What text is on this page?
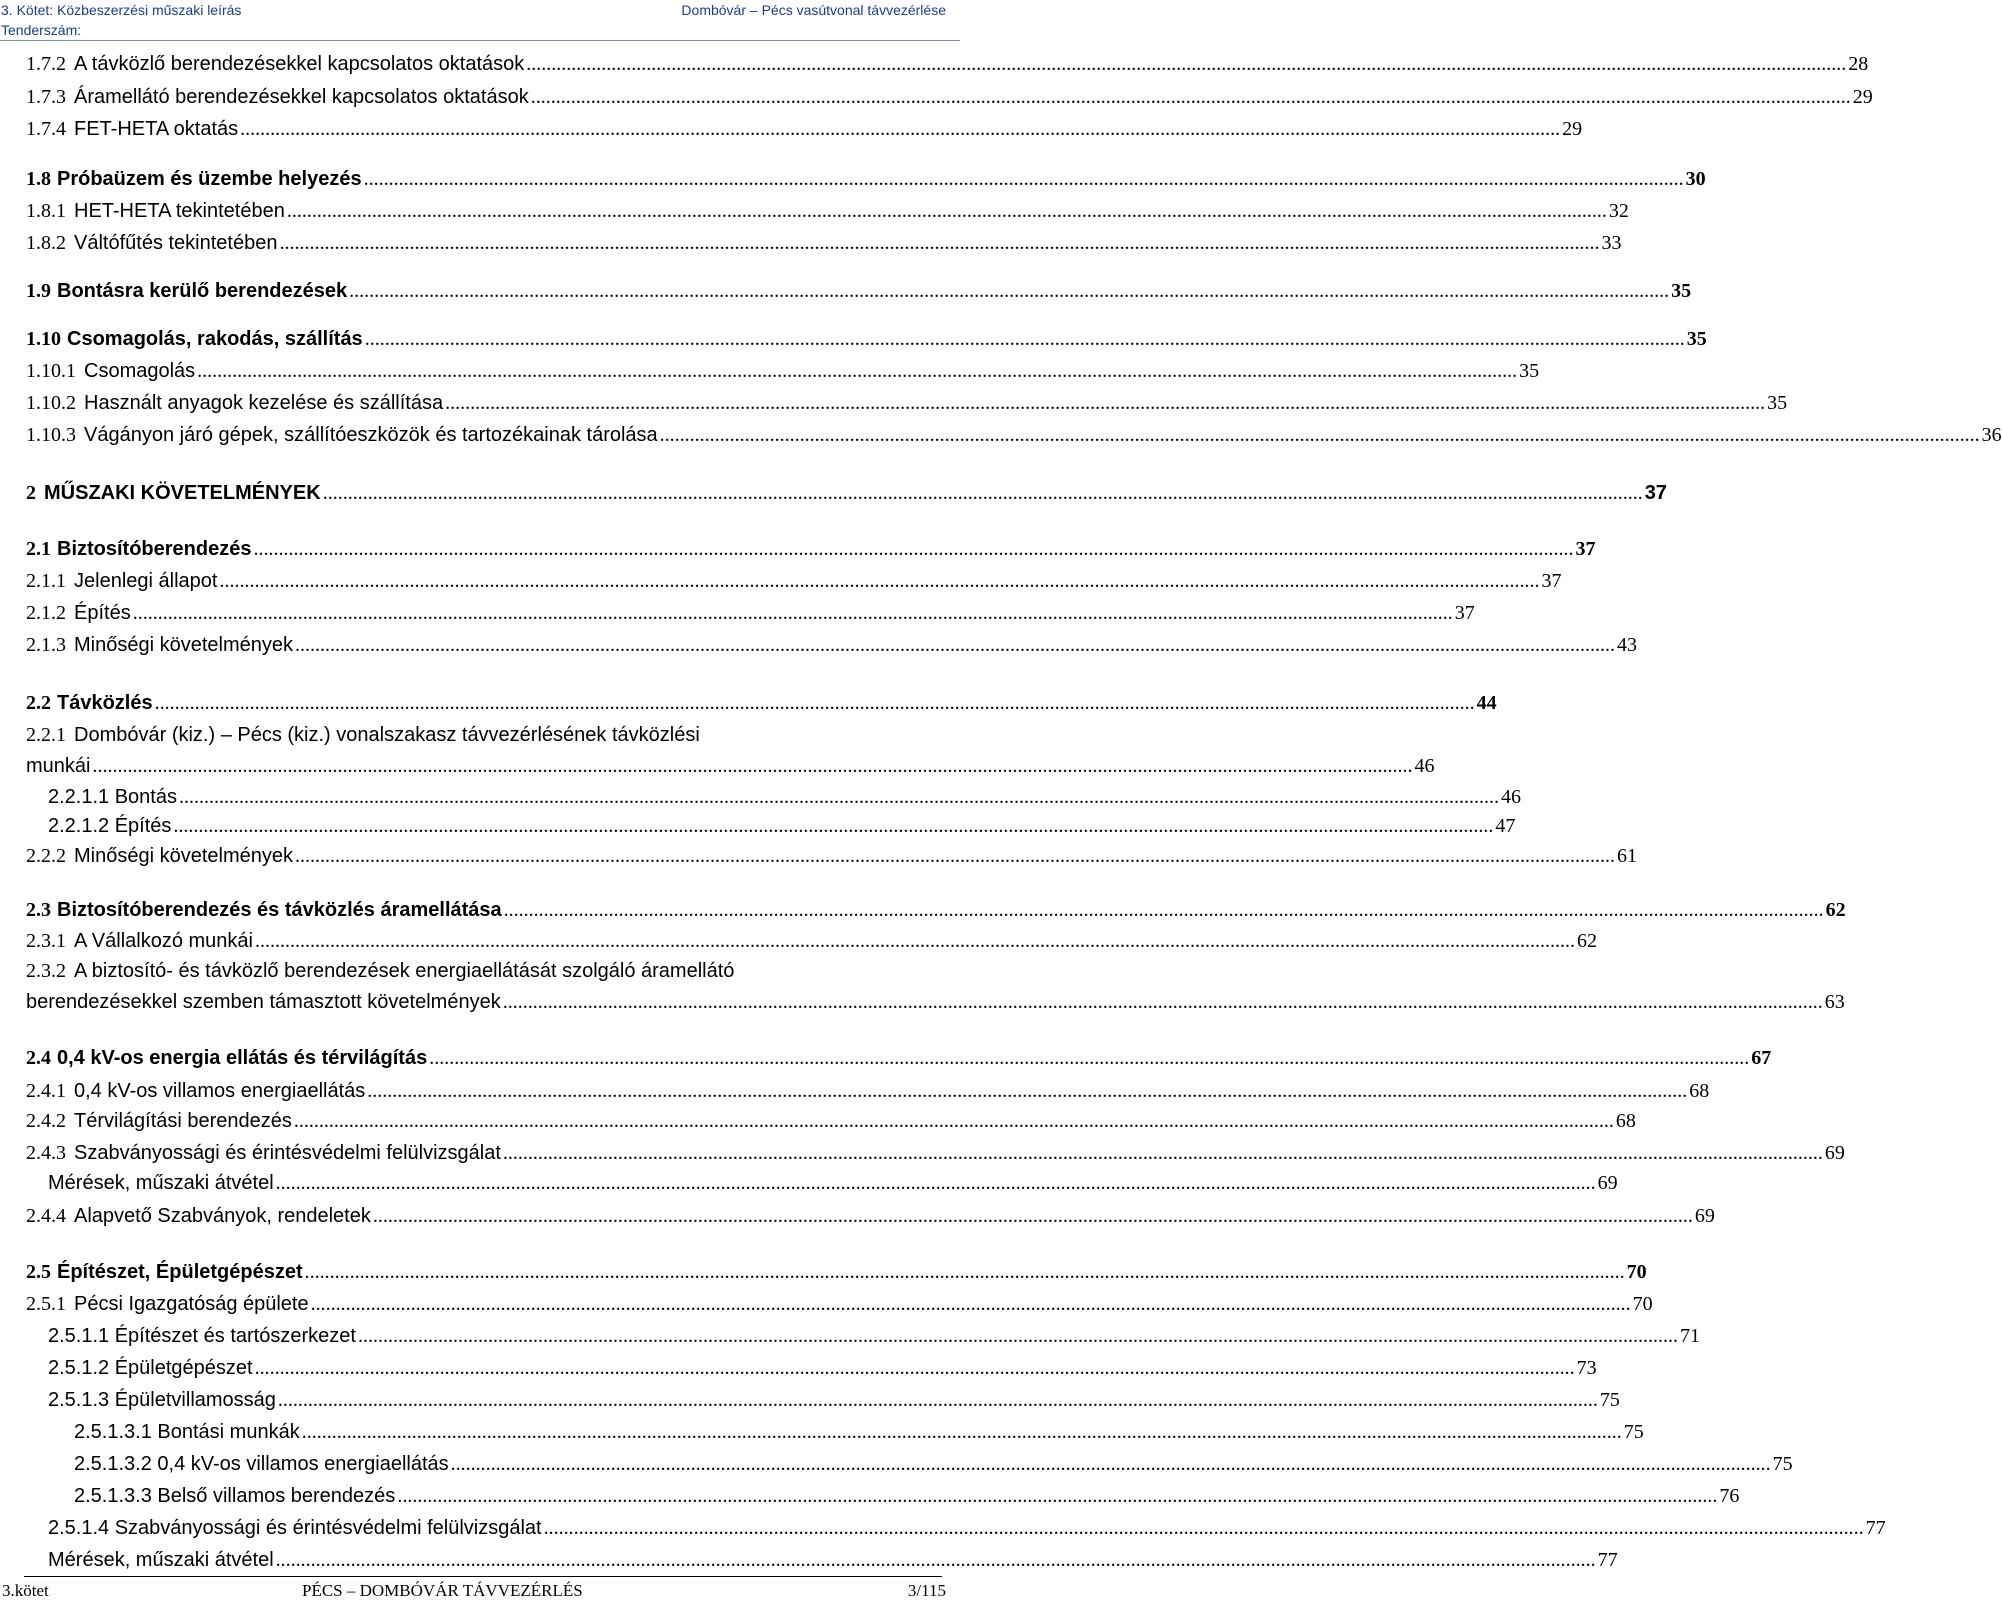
3. Kötet: Közbeszerzési műszaki leírás	Dombóvár – Pécs vasútvonal távvezérlése
Tenderszám:
1.7.2 A távközlő berendezésekkel kapcsolatos oktatások ........................................................................................................................................................................................................................................................................ 28
1.7.3 Áramellátó berendezésekkel kapcsolatos oktatások ........................................................................................................................................................................................................................................................................ 29
1.7.4 FET-HETA oktatás ........................................................................................................................................................................................................................................................................ 29
1.8 Próbaüzem és üzembe helyezés ........................................................................................................................................................................................................................................................................ 30
1.8.1 HET-HETA tekintetében ........................................................................................................................................................................................................................................................................ 32
1.8.2 Váltófűtés tekintetében ........................................................................................................................................................................................................................................................................ 33
1.9 Bontásra kerülő berendezések ........................................................................................................................................................................................................................................................................ 35
1.10 Csomagolás, rakodás, szállítás ........................................................................................................................................................................................................................................................................ 35
1.10.1 Csomagolás ........................................................................................................................................................................................................................................................................ 35
1.10.2 Használt anyagok kezelése és szállítása ........................................................................................................................................................................................................................................................................ 35
1.10.3 Vágányon járó gépek, szállítóeszközök és tartozékainak tárolása ........................................................................................................................................................................................................................................................................ 36
2 MŰSZAKI KÖVETELMÉNYEK ........................................................................................................................................................................................................................................................................ 37
2.1 Biztosítóberendezés ........................................................................................................................................................................................................................................................................ 37
2.1.1 Jelenlegi állapot ........................................................................................................................................................................................................................................................................ 37
2.1.2 Építés ........................................................................................................................................................................................................................................................................ 37
2.1.3 Minőségi követelmények ........................................................................................................................................................................................................................................................................ 43
2.2 Távközlés ........................................................................................................................................................................................................................................................................ 44
2.2.1 Dombóvár (kiz.) – Pécs (kiz.) vonalszakasz távvezérlésének távközlési
munkái ........................................................................................................................................................................................................................................................................ 46
2.2.1.1 Bontás ........................................................................................................................................................................................................................................................................ 46
2.2.1.2 Építés ........................................................................................................................................................................................................................................................................ 47
2.2.2 Minőségi követelmények ........................................................................................................................................................................................................................................................................ 61
2.3 Biztosítóberendezés és távközlés áramellátása ........................................................................................................................................................................................................................................................................ 62
2.3.1 A Vállalkozó munkái ........................................................................................................................................................................................................................................................................ 62
2.3.2 A biztosító- és távközlő berendezések energiaellátását szolgáló áramellátó
berendezésekkel szemben támasztott követelmények ........................................................................................................................................................................................................................................................................ 63
2.4 0,4 kV-os energia ellátás és térvilágítás ........................................................................................................................................................................................................................................................................ 67
2.4.1 0,4 kV-os villamos energiaellátás ........................................................................................................................................................................................................................................................................ 68
2.4.2 Térvilágítási berendezés ........................................................................................................................................................................................................................................................................ 68
2.4.3 Szabványossági és érintésvédelmi felülvizsgálat ........................................................................................................................................................................................................................................................................ 69
Mérések, műszaki átvétel ........................................................................................................................................................................................................................................................................ 69
2.4.4 Alapvető Szabványok, rendeletek ........................................................................................................................................................................................................................................................................ 69
2.5 Építészet, Épületgépészet ........................................................................................................................................................................................................................................................................ 70
2.5.1 Pécsi Igazgatóság épülete ........................................................................................................................................................................................................................................................................ 70
2.5.1.1 Építészet és tartószerkezet ........................................................................................................................................................................................................................................................................ 71
2.5.1.2 Épületgépészet ........................................................................................................................................................................................................................................................................ 73
2.5.1.3 Épületvillamosság ........................................................................................................................................................................................................................................................................ 75
2.5.1.3.1 Bontási munkák ........................................................................................................................................................................................................................................................................ 75
2.5.1.3.2 0,4 kV-os villamos energiaellátás ........................................................................................................................................................................................................................................................................ 75
2.5.1.3.3 Belső villamos berendezés ........................................................................................................................................................................................................................................................................ 76
2.5.1.4 Szabványossági és érintésvédelmi felülvizsgálat ........................................................................................................................................................................................................................................................................ 77
Mérések, műszaki átvétel ........................................................................................................................................................................................................................................................................ 77
3.kötet	PÉCS – DOMBÓVÁR TÁVVEZÉRLÉS	3/115
